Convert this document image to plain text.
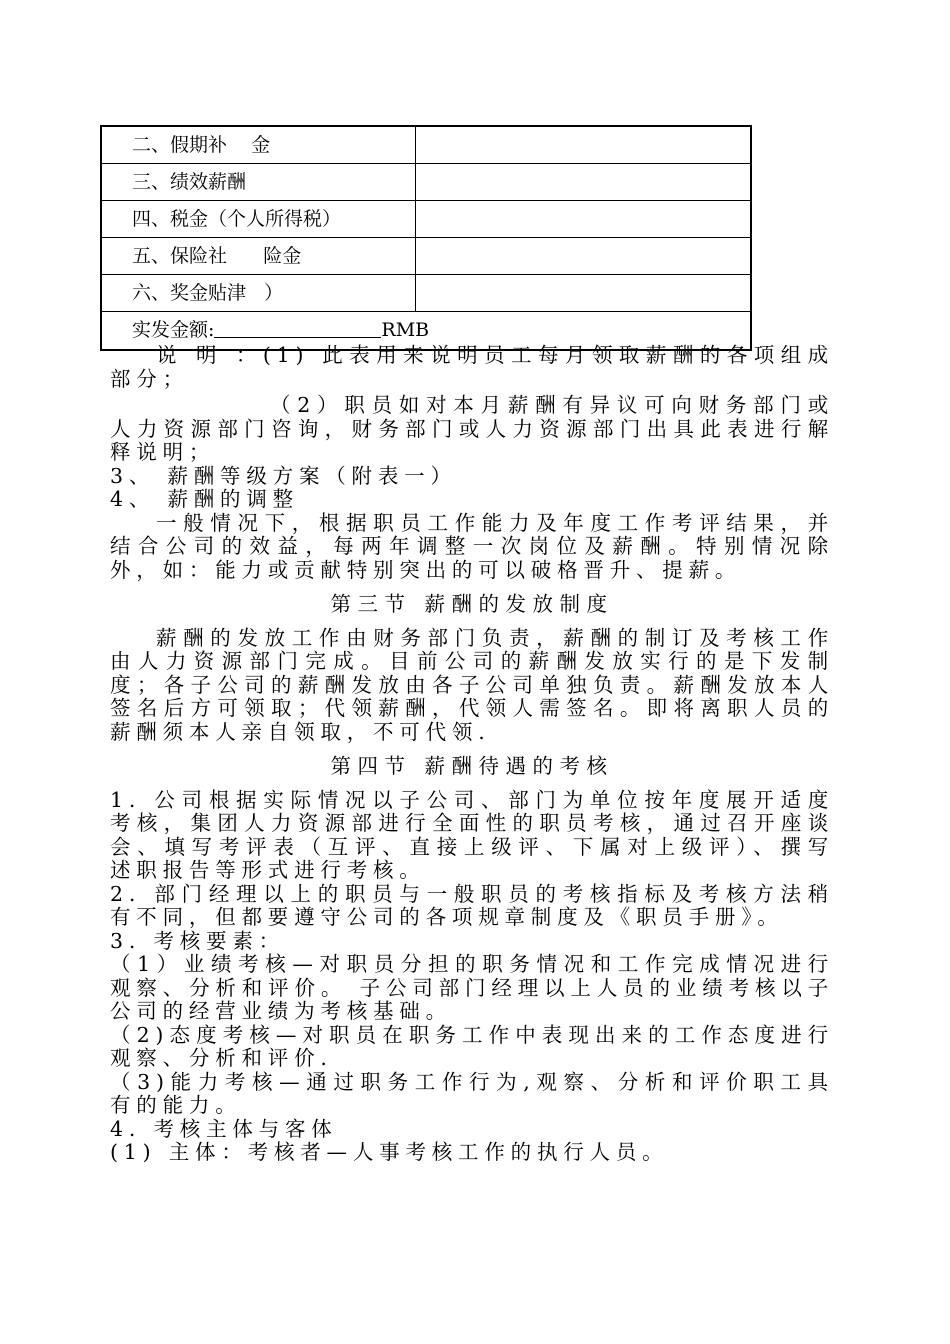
二、假期补    金
三、绩效薪酬
四、税金（个人所得税）
五、保险社      险金
六、奖金贴津   ）
实发金额:	RMB

说 明 ：(1) 此表用来说明员工每月领取薪酬的各项组成部分；

（2）职员如对本月薪酬有异议可向财务部门或人力资源部门咨询，财务部门或人力资源部门出具此表进行解释说明；

3、 薪酬等级方案（附表一）

4、 薪酬的调整

一般情况下，根据职员工作能力及年度工作考评结果，并结合公司的效益，每两年调整一次岗位及薪酬。特别情况除外，如：能力或贡献特别突出的可以破格晋升、提薪。

第三节 薪酬的发放制度

薪酬的发放工作由财务部门负责，薪酬的制订及考核工作由人力资源部门完成。目前公司的薪酬发放实行的是下发制度；各子公司的薪酬发放由各子公司单独负责。薪酬发放本人签名后方可领取；代领薪酬，代领人需签名。即将离职人员的薪酬须本人亲自领取，不可代领.

第四节 薪酬待遇的考核

1. 公司根据实际情况以子公司、部门为单位按年度展开适度考核，集团人力资源部进行全面性的职员考核，通过召开座谈会、填写考评表（互评、直接上级评、下属对上级评）、撰写述职报告等形式进行考核。

2. 部门经理以上的职员与一般职员的考核指标及考核方法稍 有不同，但都要遵守公司的各项规章制度及《职员手册》。

3. 考核要素：

（1）业绩考核—对职员分担的职务情况和工作完成情况进行观察、分析和评价。 子公司部门经理以上人员的业绩考核以子公司的经营业绩为考核基础。

（2)态度考核—对职员在职务工作中表现出来的工作态度进行观察、分析和评价.

（3)能力考核—通过职务工作行为,观察、分析和评价职工具有的能力。

4. 考核主体与客体

(1) 主体：考核者—人事考核工作的执行人员。
